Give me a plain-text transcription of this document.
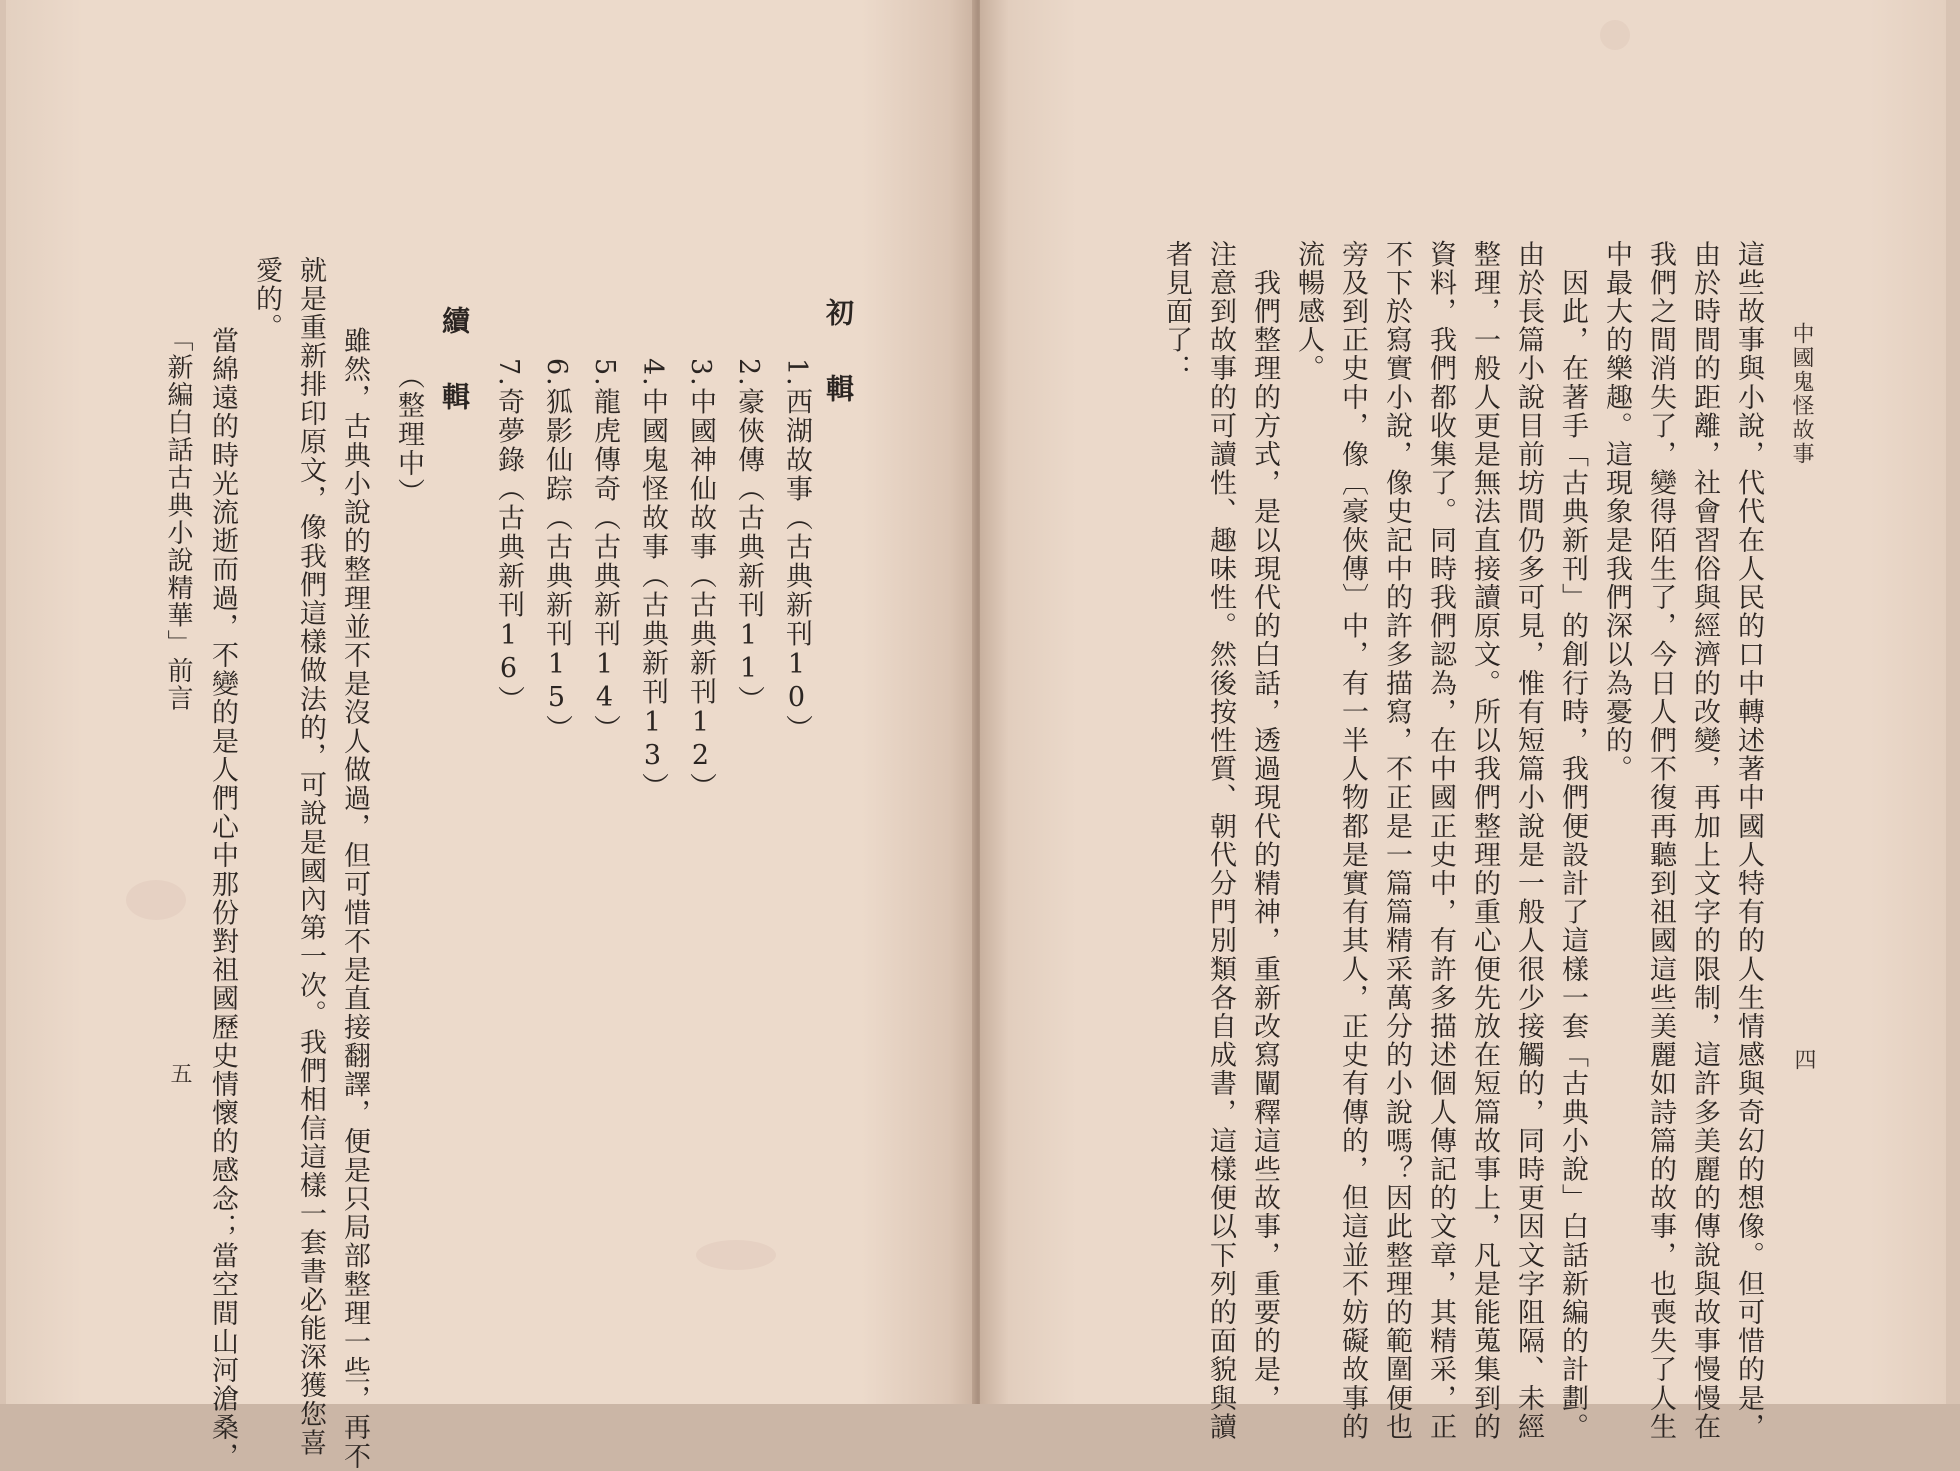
初　輯
1.西湖故事（古典新刊10）
2.豪俠傳（古典新刊11）
3.中國神仙故事（古典新刊12）
4.中國鬼怪故事（古典新刊13）
5.龍虎傳奇（古典新刊14）
6.狐影仙踪（古典新刊15）
7.奇夢錄（古典新刊16）
續　輯
（整理中）
　雖然，古典小說的整理並不是沒人做過，但可惜不是直接翻譯，便是只局部整理一些，再不
就是重新排印原文，像我們這樣做法的，可說是國內第一次。我們相信這樣一套書必能深獲您喜
愛的。
　當綿遠的時光流逝而過，不變的是人們心中那份對祖國歷史情懷的感念；當空間山河滄桑，
　　　「新編白話古典小說精華」前言
五

中國鬼怪故事
四
這些故事與小說，代代在人民的口中轉述著中國人特有的人生情感與奇幻的想像。但可惜的是，
由於時間的距離，社會習俗與經濟的改變，再加上文字的限制，這許多美麗的傳說與故事慢慢在
我們之間消失了，變得陌生了，今日人們不復再聽到祖國這些美麗如詩篇的故事，也喪失了人生
中最大的樂趣。這現象是我們深以為憂的。
　因此，在著手「古典新刊」的創行時，我們便設計了這樣一套「古典小說」白話新編的計劃。
由於長篇小說目前坊間仍多可見，惟有短篇小說是一般人很少接觸的，同時更因文字阻隔、未經
整理，一般人更是無法直接讀原文。所以我們整理的重心便先放在短篇故事上，凡是能蒐集到的
資料，我們都收集了。同時我們認為，在中國正史中，有許多描述個人傳記的文章，其精采，正
不下於寫實小說，像史記中的許多描寫，不正是一篇篇精采萬分的小說嗎？因此整理的範圍便也
旁及到正史中，像〔豪俠傳〕中，有一半人物都是實有其人，正史有傳的，但這並不妨礙故事的
流暢感人。
　我們整理的方式，是以現代的白話，透過現代的精神，重新改寫闡釋這些故事，重要的是，
注意到故事的可讀性、趣味性。然後按性質、朝代分門別類各自成書，這樣便以下列的面貌與讀
者見面了：
